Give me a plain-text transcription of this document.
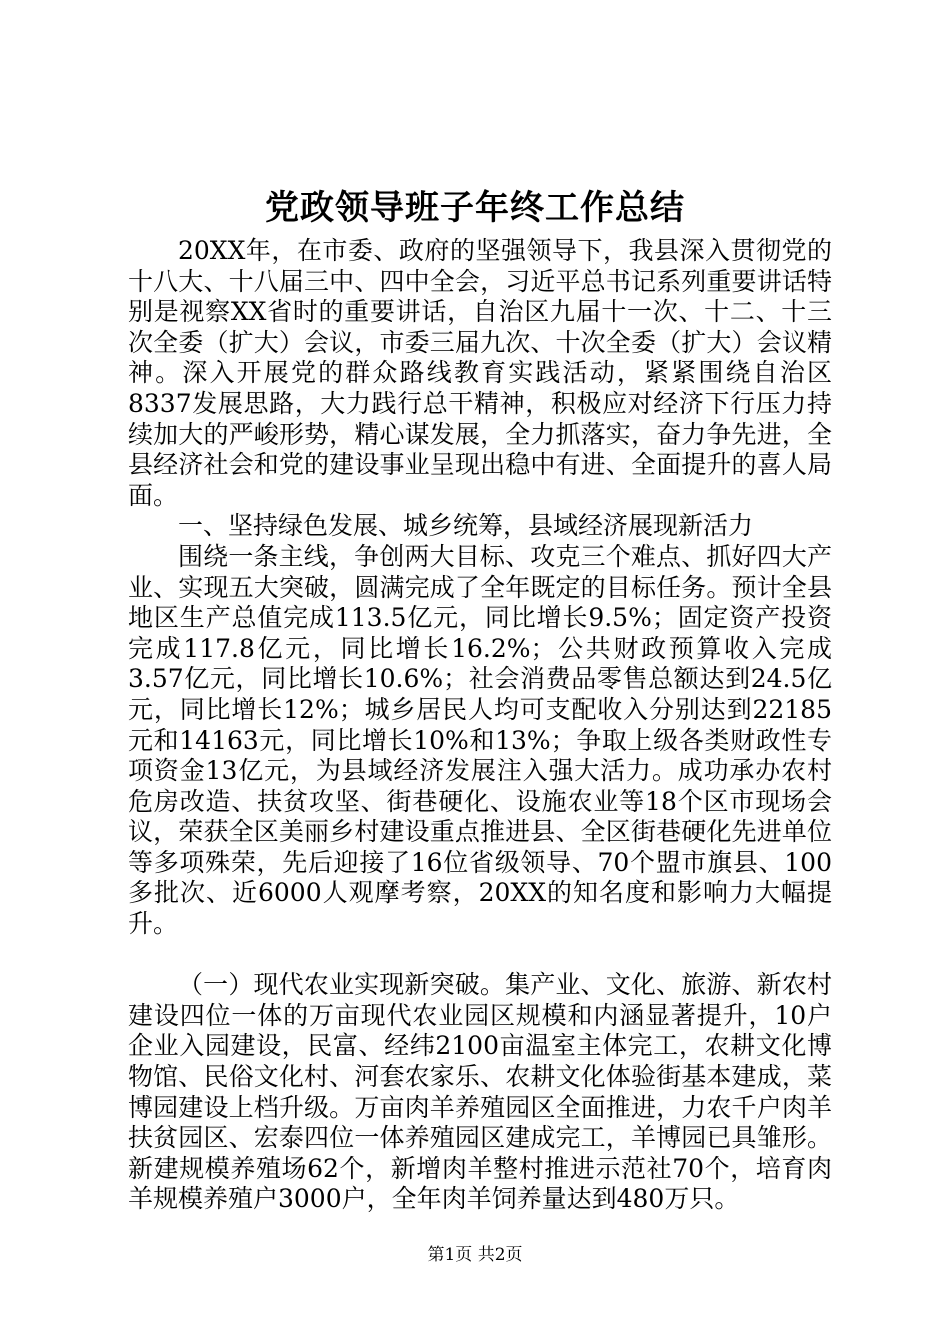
党政领导班子年终工作总结

20XX年，在市委、政府的坚强领导下，我县深入贯彻党的十八大、十八届三中、四中全会，习近平总书记系列重要讲话特别是视察XX省时的重要讲话，自治区九届十一次、十二、十三次全委（扩大）会议，市委三届九次、十次全委（扩大）会议精神。深入开展党的群众路线教育实践活动，紧紧围绕自治区8337发展思路，大力践行总干精神，积极应对经济下行压力持续加大的严峻形势，精心谋发展，全力抓落实，奋力争先进，全县经济社会和党的建设事业呈现出稳中有进、全面提升的喜人局面。

一、坚持绿色发展、城乡统筹，县域经济展现新活力

围绕一条主线，争创两大目标、攻克三个难点、抓好四大产业、实现五大突破，圆满完成了全年既定的目标任务。预计全县地区生产总值完成113.5亿元，同比增长9.5%；固定资产投资完成117.8亿元，同比增长16.2%；公共财政预算收入完成3.57亿元，同比增长10.6%；社会消费品零售总额达到24.5亿元，同比增长12%；城乡居民人均可支配收入分别达到22185元和14163元，同比增长10%和13%；争取上级各类财政性专项资金13亿元，为县域经济发展注入强大活力。成功承办农村危房改造、扶贫攻坚、街巷硬化、设施农业等18个区市现场会议，荣获全区美丽乡村建设重点推进县、全区街巷硬化先进单位等多项殊荣，先后迎接了16位省级领导、70个盟市旗县、100多批次、近6000人观摩考察，20XX的知名度和影响力大幅提升。

（一）现代农业实现新突破。集产业、文化、旅游、新农村建设四位一体的万亩现代农业园区规模和内涵显著提升，10户企业入园建设，民富、经纬2100亩温室主体完工，农耕文化博物馆、民俗文化村、河套农家乐、农耕文化体验街基本建成，菜博园建设上档升级。万亩肉羊养殖园区全面推进，力农千户肉羊扶贫园区、宏泰四位一体养殖园区建成完工，羊博园已具雏形。新建规模养殖场62个，新增肉羊整村推进示范社70个，培育肉羊规模养殖户3000户，全年肉羊饲养量达到480万只。

第1页 共2页
